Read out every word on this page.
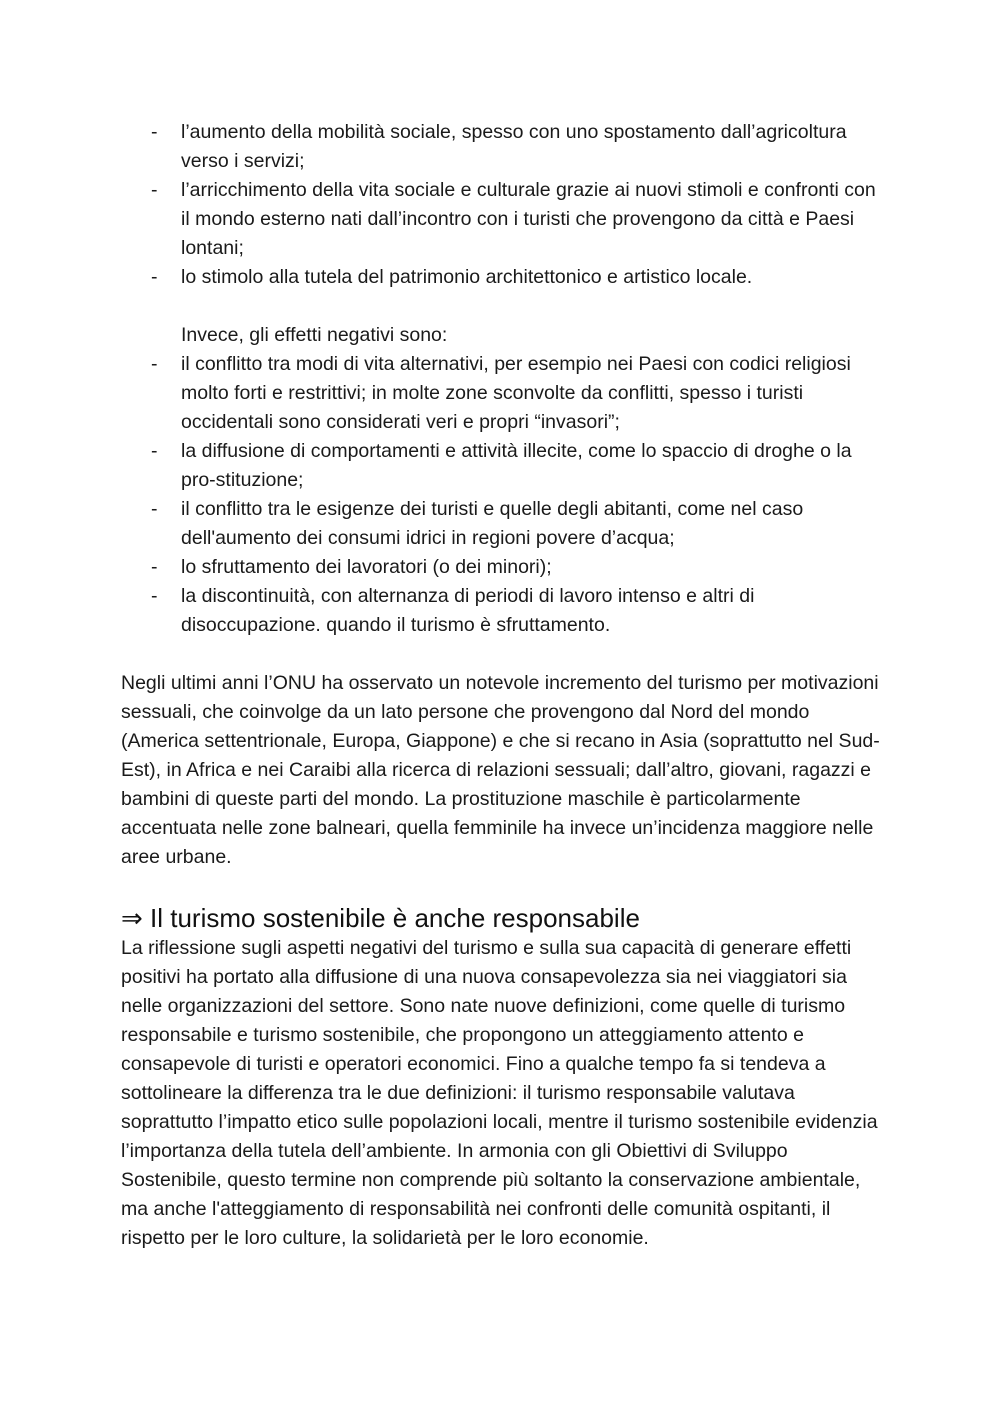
- l’aumento della mobilità sociale, spesso con uno spostamento dall’agricoltura verso i servizi;
- l’arricchimento della vita sociale e culturale grazie ai nuovi stimoli e confronti con il mondo esterno nati dall’incontro con i turisti che provengono da città e Paesi lontani;
- lo stimolo alla tutela del patrimonio architettonico e artistico locale.
Invece, gli effetti negativi sono:
- il conflitto tra modi di vita alternativi, per esempio nei Paesi con codici religiosi molto forti e restrittivi; in molte zone sconvolte da conflitti, spesso i turisti occidentali sono considerati veri e propri “invasori”;
- la diffusione di comportamenti e attività illecite, come lo spaccio di droghe o la pro-stituzione;
- il conflitto tra le esigenze dei turisti e quelle degli abitanti, come nel caso dell'aumento dei consumi idrici in regioni povere d’acqua;
- lo sfruttamento dei lavoratori (o dei minori);
- la discontinuità, con alternanza di periodi di lavoro intenso e altri di disoccupazione. quando il turismo è sfruttamento.

Negli ultimi anni l’ONU ha osservato un notevole incremento del turismo per motivazioni sessuali, che coinvolge da un lato persone che provengono dal Nord del mondo (America settentrionale, Europa, Giappone) e che si recano in Asia (soprattutto nel Sud-Est), in Africa e nei Caraibi alla ricerca di relazioni sessuali; dall’altro, giovani, ragazzi e bambini di queste parti del mondo. La prostituzione maschile è particolarmente accentuata nelle zone balneari, quella femminile ha invece un’incidenza maggiore nelle aree urbane.

⇒ Il turismo sostenibile è anche responsabile

La riflessione sugli aspetti negativi del turismo e sulla sua capacità di generare effetti positivi ha portato alla diffusione di una nuova consapevolezza sia nei viaggiatori sia nelle organizzazioni del settore. Sono nate nuove definizioni, come quelle di turismo responsabile e turismo sostenibile, che propongono un atteggiamento attento e consapevole di turisti e operatori economici. Fino a qualche tempo fa si tendeva a sottolineare la differenza tra le due definizioni: il turismo responsabile valutava soprattutto l’impatto etico sulle popolazioni locali, mentre il turismo sostenibile evidenzia l’importanza della tutela dell’ambiente. In armonia con gli Obiettivi di Sviluppo Sostenibile, questo termine non comprende più soltanto la conservazione ambientale, ma anche l'atteggiamento di responsabilità nei confronti delle comunità ospitanti, il rispetto per le loro culture, la solidarietà per le loro economie.
